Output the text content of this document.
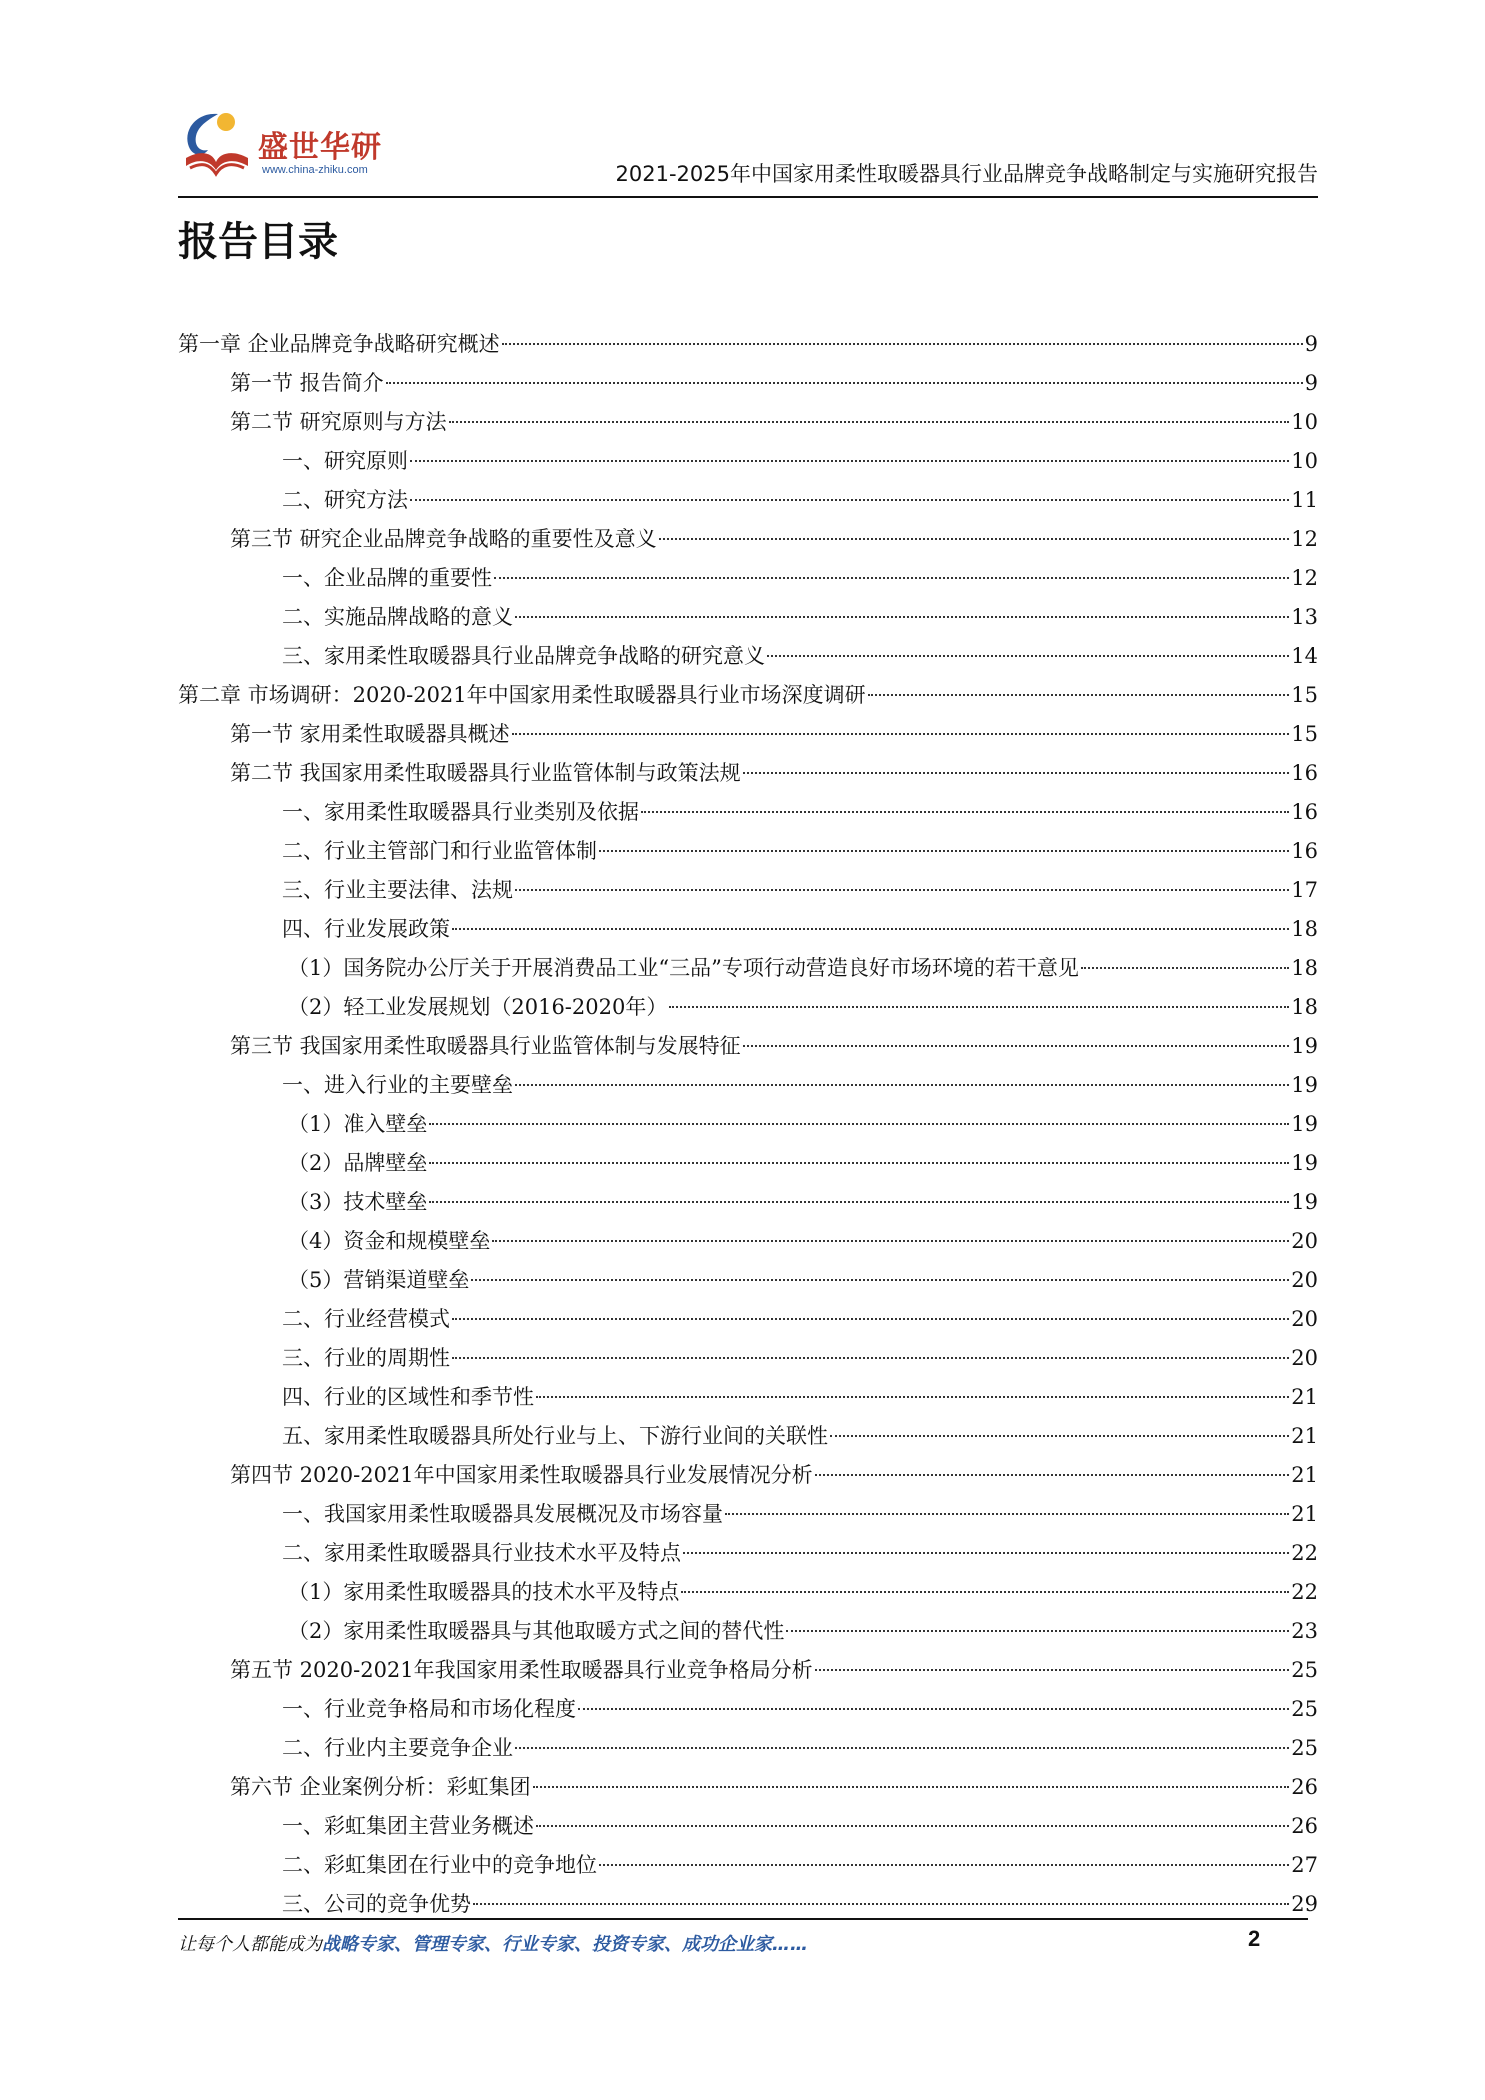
盛世华研
www.china-zhiku.com	2021-2025年中国家用柔性取暖器具行业品牌竞争战略制定与实施研究报告
报告目录
第一章 企业品牌竞争战略研究概述	9
第一节 报告简介	9
第二节 研究原则与方法	10
一、研究原则	10
二、研究方法	11
第三节 研究企业品牌竞争战略的重要性及意义	12
一、企业品牌的重要性	12
二、实施品牌战略的意义	13
三、家用柔性取暖器具行业品牌竞争战略的研究意义	14
第二章 市场调研：2020-2021年中国家用柔性取暖器具行业市场深度调研	15
第一节 家用柔性取暖器具概述	15
第二节 我国家用柔性取暖器具行业监管体制与政策法规	16
一、家用柔性取暖器具行业类别及依据	16
二、行业主管部门和行业监管体制	16
三、行业主要法律、法规	17
四、行业发展政策	18
（1）国务院办公厅关于开展消费品工业“三品”专项行动营造良好市场环境的若干意见	18
（2）轻工业发展规划（2016-2020年）	18
第三节 我国家用柔性取暖器具行业监管体制与发展特征	19
一、进入行业的主要壁垒	19
（1）准入壁垒	19
（2）品牌壁垒	19
（3）技术壁垒	19
（4）资金和规模壁垒	20
（5）营销渠道壁垒	20
二、行业经营模式	20
三、行业的周期性	20
四、行业的区域性和季节性	21
五、家用柔性取暖器具所处行业与上、下游行业间的关联性	21
第四节 2020-2021年中国家用柔性取暖器具行业发展情况分析	21
一、我国家用柔性取暖器具发展概况及市场容量	21
二、家用柔性取暖器具行业技术水平及特点	22
（1）家用柔性取暖器具的技术水平及特点	22
（2）家用柔性取暖器具与其他取暖方式之间的替代性	23
第五节 2020-2021年我国家用柔性取暖器具行业竞争格局分析	25
一、行业竞争格局和市场化程度	25
二、行业内主要竞争企业	25
第六节 企业案例分析：彩虹集团	26
一、彩虹集团主营业务概述	26
二、彩虹集团在行业中的竞争地位	27
三、公司的竞争优势	29
让每个人都能成为战略专家、管理专家、行业专家、投资专家、成功企业家……	2
